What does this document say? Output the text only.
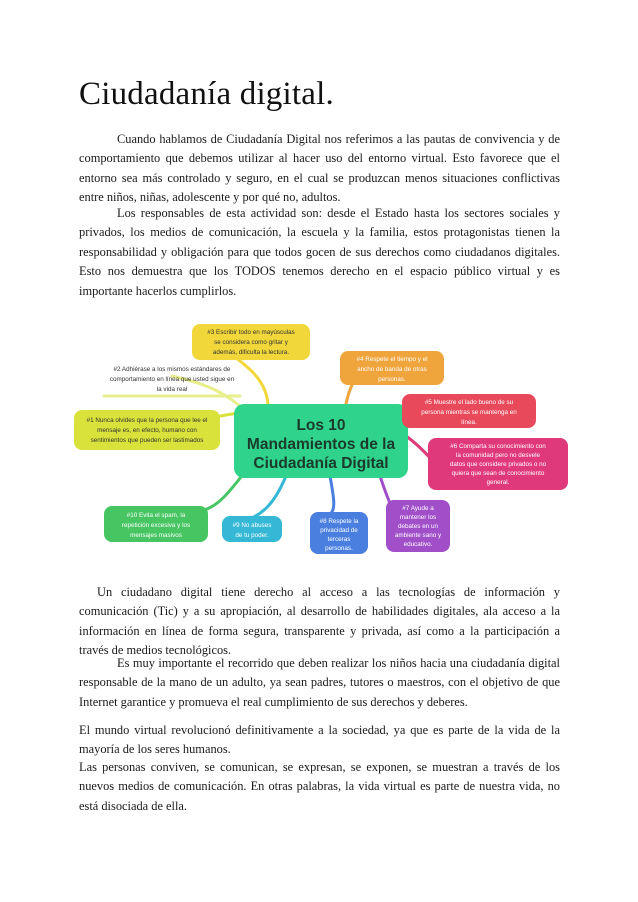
Ciudadanía digital.

Cuando hablamos de Ciudadanía Digital nos referimos a las pautas de convivencia y de comportamiento que debemos utilizar al hacer uso del entorno virtual. Esto favorece que el entorno sea más controlado y seguro, en el cual se produzcan menos situaciones conflictivas entre niños, niñas, adolescente y por qué no, adultos.

Los responsables de esta actividad son: desde el Estado hasta los sectores sociales y privados, los medios de comunicación, la escuela y la familia, estos protagonistas tienen la responsabilidad y obligación para que todos gocen de sus derechos como ciudadanos digitales. Esto nos demuestra que los TODOS tenemos derecho en el espacio público virtual y es importante hacerlos cumplirlos.

Los 10
Mandamientos de la
Ciudadanía Digital
#3 Escribir todo en mayúsculas
se considera como gritar y
además, dificulta la lectura.
#2 Adhiérase a los mismos estándares de
comportamiento en línea que usted sigue en
la vida real
#1 Nunca olvides que la persona que lee el
mensaje es, en efecto, humano con
sentimientos que pueden ser lastimados
#4 Respete el tiempo y el
ancho de banda de otras
personas.
#5 Muestre el lado bueno de su
persona mientras se mantenga en
línea.
#6 Comparta su conocimiento con
la comunidad pero no desvele
datos que considere privados o no
quiera que sean de conocimiento
general.
#7 Ayude a
mantener los
debates en un
ambiente sano y
educativo.
#8 Respete la
privacidad de
terceras
personas.
#9 No abuses
de tu poder.
#10 Evita el spam, la
repetición excesiva y los
mensajes masivos

Un ciudadano digital tiene derecho al acceso a las tecnologías de información y comunicación (Tic) y a su apropiación, al desarrollo de habilidades digitales, ala acceso a la información en línea de forma segura, transparente y privada, así como a la participación a través de medios tecnológicos.

Es muy importante el recorrido que deben realizar los niños hacia una ciudadanía digital responsable de la mano de un adulto, ya sean padres, tutores o maestros, con el objetivo de que Internet garantice y promueva el real cumplimiento de sus derechos y deberes.

El mundo virtual revolucionó definitivamente a la sociedad, ya que es parte de la vida de la mayoría de los seres humanos.

Las personas conviven, se comunican, se expresan, se exponen, se muestran a través de los nuevos medios de comunicación. En otras palabras, la vida virtual es parte de nuestra vida, no está disociada de ella.
